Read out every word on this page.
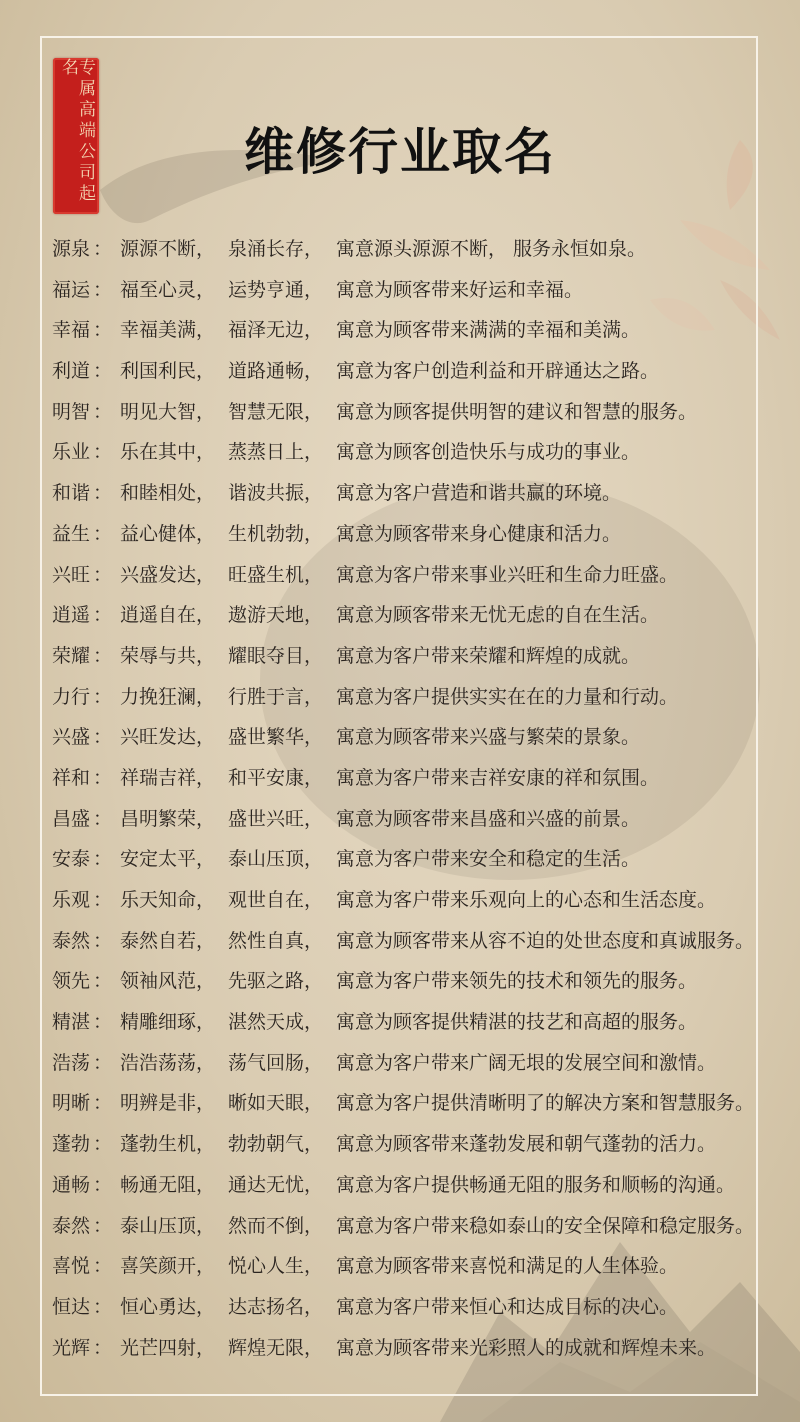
专属高端公司起名
维修行业取名
源泉 ： 源源不断， 泉涌长存， 寓意源头源源不断， 服务永恒如泉。
福运 ： 福至心灵， 运势亨通， 寓意为顾客带来好运和幸福。
幸福 ： 幸福美满， 福泽无边， 寓意为顾客带来满满的幸福和美满。
利道 ： 利国利民， 道路通畅， 寓意为客户创造利益和开辟通达之路。
明智 ： 明见大智， 智慧无限， 寓意为顾客提供明智的建议和智慧的服务。
乐业 ： 乐在其中， 蒸蒸日上， 寓意为顾客创造快乐与成功的事业。
和谐 ： 和睦相处， 谐波共振， 寓意为客户营造和谐共赢的环境。
益生 ： 益心健体， 生机勃勃， 寓意为顾客带来身心健康和活力。
兴旺 ： 兴盛发达， 旺盛生机， 寓意为客户带来事业兴旺和生命力旺盛。
逍遥 ： 逍遥自在， 遨游天地， 寓意为顾客带来无忧无虑的自在生活。
荣耀 ： 荣辱与共， 耀眼夺目， 寓意为客户带来荣耀和辉煌的成就。
力行 ： 力挽狂澜， 行胜于言， 寓意为客户提供实实在在的力量和行动。
兴盛 ： 兴旺发达， 盛世繁华， 寓意为顾客带来兴盛与繁荣的景象。
祥和 ： 祥瑞吉祥， 和平安康， 寓意为客户带来吉祥安康的祥和氛围。
昌盛 ： 昌明繁荣， 盛世兴旺， 寓意为顾客带来昌盛和兴盛的前景。
安泰 ： 安定太平， 泰山压顶， 寓意为客户带来安全和稳定的生活。
乐观 ： 乐天知命， 观世自在， 寓意为客户带来乐观向上的心态和生活态度。
泰然 ： 泰然自若， 然性自真， 寓意为顾客带来从容不迫的处世态度和真诚服务。
领先 ： 领袖风范， 先驱之路， 寓意为客户带来领先的技术和领先的服务。
精湛 ： 精雕细琢， 湛然天成， 寓意为顾客提供精湛的技艺和高超的服务。
浩荡 ： 浩浩荡荡， 荡气回肠， 寓意为客户带来广阔无垠的发展空间和激情。
明晰 ： 明辨是非， 晰如天眼， 寓意为客户提供清晰明了的解决方案和智慧服务。
蓬勃 ： 蓬勃生机， 勃勃朝气， 寓意为顾客带来蓬勃发展和朝气蓬勃的活力。
通畅 ： 畅通无阻， 通达无忧， 寓意为客户提供畅通无阻的服务和顺畅的沟通。
泰然 ： 泰山压顶， 然而不倒， 寓意为客户带来稳如泰山的安全保障和稳定服务。
喜悦 ： 喜笑颜开， 悦心人生， 寓意为顾客带来喜悦和满足的人生体验。
恒达 ： 恒心勇达， 达志扬名， 寓意为客户带来恒心和达成目标的决心。
光辉 ： 光芒四射， 辉煌无限， 寓意为顾客带来光彩照人的成就和辉煌未来。
